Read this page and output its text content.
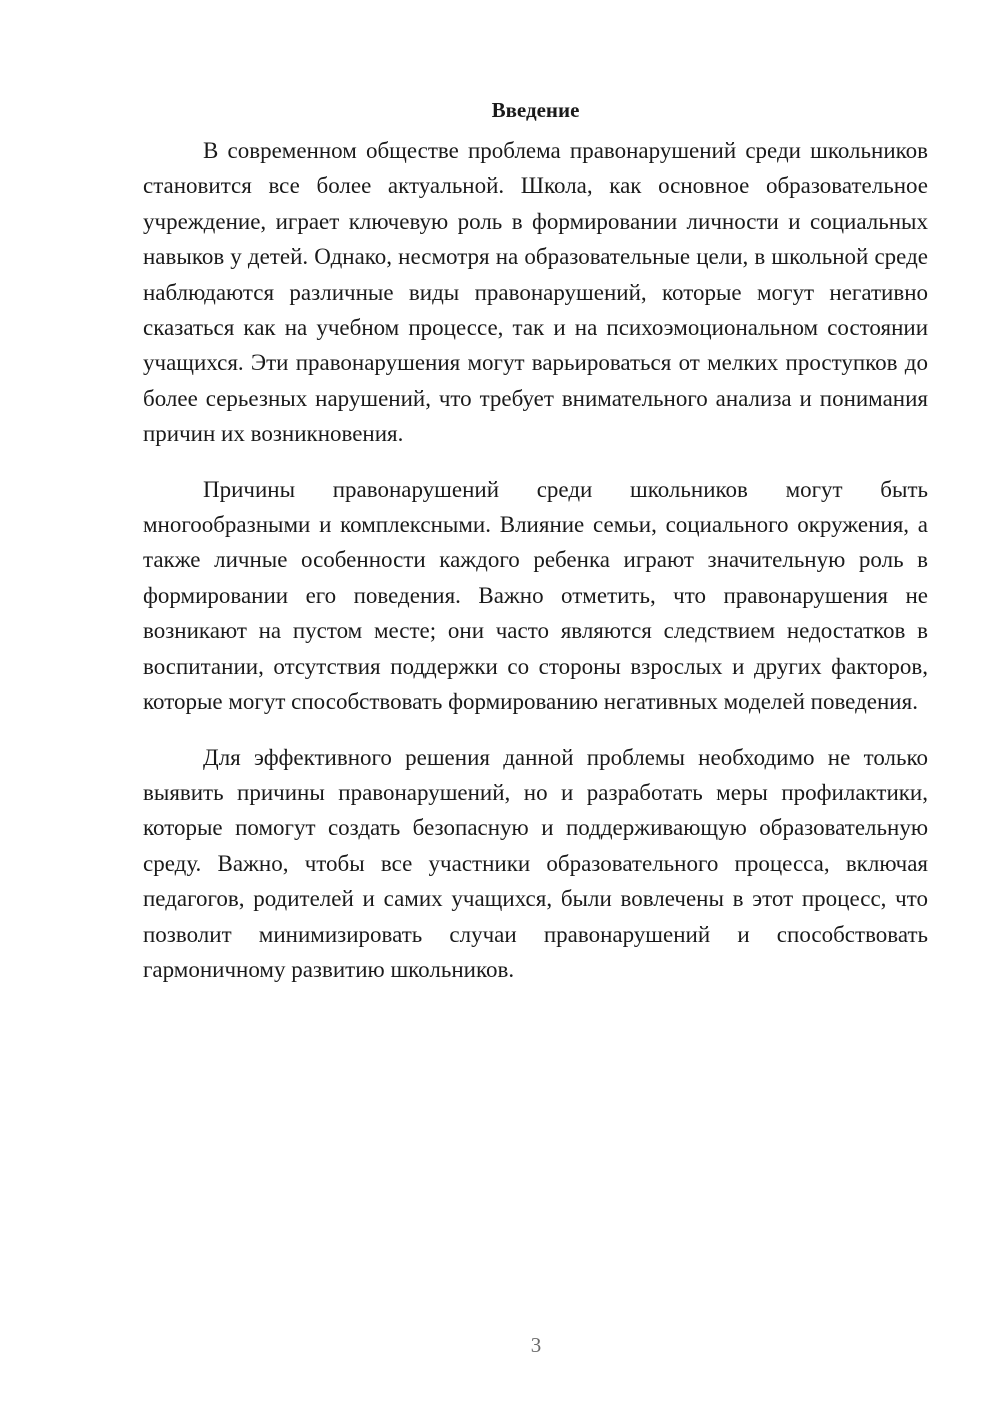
Введение

В современном обществе проблема правонарушений среди школьников становится все более актуальной. Школа, как основное образовательное учреждение, играет ключевую роль в формировании личности и социальных навыков у детей. Однако, несмотря на образовательные цели, в школьной среде наблюдаются различные виды правонарушений, которые могут негативно сказаться как на учебном процессе, так и на психоэмоциональном состоянии учащихся. Эти правонарушения могут варьироваться от мелких проступков до более серьезных нарушений, что требует внимательного анализа и понимания причин их возникновения.

Причины правонарушений среди школьников могут быть многообразными и комплексными. Влияние семьи, социального окружения, а также личные особенности каждого ребенка играют значительную роль в формировании его поведения. Важно отметить, что правонарушения не возникают на пустом месте; они часто являются следствием недостатков в воспитании, отсутствия поддержки со стороны взрослых и других факторов, которые могут способствовать формированию негативных моделей поведения.

Для эффективного решения данной проблемы необходимо не только выявить причины правонарушений, но и разработать меры профилактики, которые помогут создать безопасную и поддерживающую образовательную среду. Важно, чтобы все участники образовательного процесса, включая педагогов, родителей и самих учащихся, были вовлечены в этот процесс, что позволит минимизировать случаи правонарушений и способствовать гармоничному развитию школьников.

3
